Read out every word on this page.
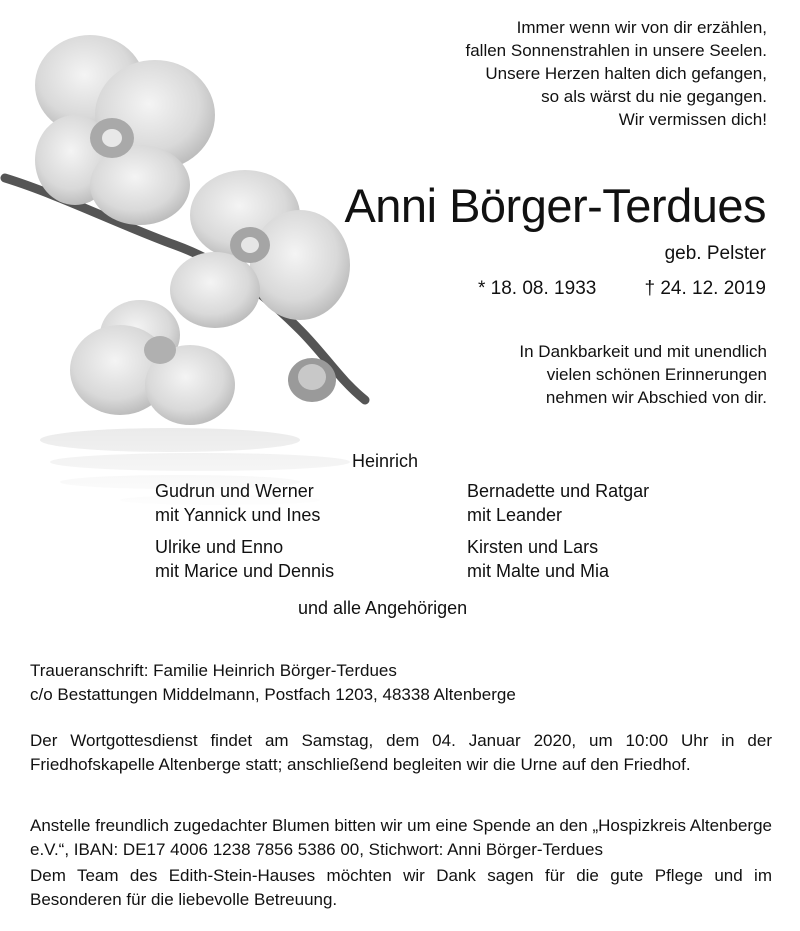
Immer wenn wir von dir erzählen,
fallen Sonnenstrahlen in unsere Seelen.
Unsere Herzen halten dich gefangen,
so als wärst du nie gegangen.
Wir vermissen dich!
Anni Börger-Terdues
geb. Pelster
* 18. 08. 1933	† 24. 12. 2019
In Dankbarkeit und mit unendlich
vielen schönen Erinnerungen
nehmen wir Abschied von dir.
Heinrich
Gudrun und Werner
mit Yannick und Ines
Ulrike und Enno
mit Marice und Dennis
Bernadette und Ratgar
mit Leander
Kirsten und Lars
mit Malte und Mia
und alle Angehörigen
Traueranschrift: Familie Heinrich Börger-Terdues
c/o Bestattungen Middelmann, Postfach 1203, 48338 Altenberge
Der Wortgottesdienst findet am Samstag, dem 04. Januar 2020, um 10:00 Uhr in der Friedhofskapelle Altenberge statt; anschließend begleiten wir die Urne auf den Friedhof.
Anstelle freundlich zugedachter Blumen bitten wir um eine Spende an den „Hospizkreis Altenberge e.V.“, IBAN: DE17 4006 1238 7856 5386 00, Stichwort: Anni Börger-Terdues
Dem Team des Edith-Stein-Hauses möchten wir Dank sagen für die gute Pflege und im Besonderen für die liebevolle Betreuung.
